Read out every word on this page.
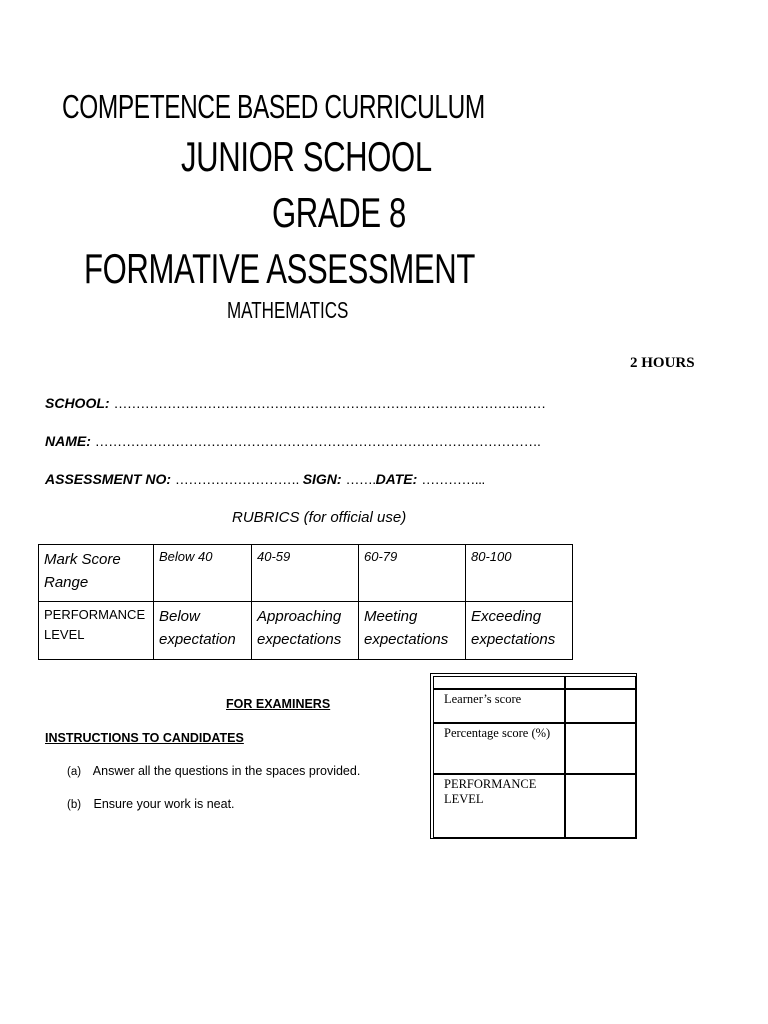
COMPETENCE BASED CURRICULUM
JUNIOR SCHOOL
GRADE 8
FORMATIVE ASSESSMENT
MATHEMATICS
2 HOURS
SCHOOL: ……………………………………………………………………………….……
NAME: ……………………………………………………………………………………….
ASSESSMENT NO: ………………………. SIGN: …….DATE: …………...
RUBRICS (for official use)
Mark Score Range	Below 40	40-59	60-79	80-100
PERFORMANCE LEVEL	Below expectation	Approaching expectations	Meeting expectations	Exceeding expectations
FOR EXAMINERS
INSTRUCTIONS TO CANDIDATES
(a) Answer all the questions in the spaces provided.
(b) Ensure your work is neat.

Learner’s score	
Percentage score (%)	
PERFORMANCE LEVEL	
